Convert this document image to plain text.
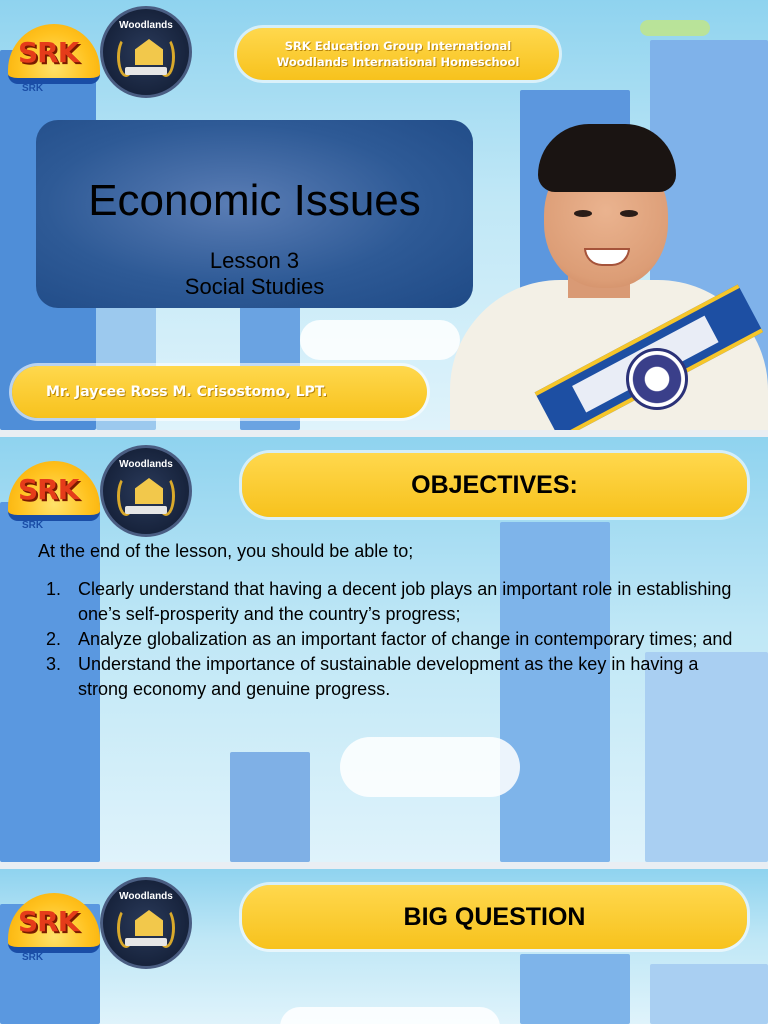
SRK
SRK
Woodlands
SRK Education Group International
Woodlands International Homeschool
Economic Issues
Lesson 3
Social Studies
Mr. Jaycee Ross M. Crisostomo, LPT.
SRK
SRK
Woodlands
OBJECTIVES:
At the end of the lesson, you should be able to;
1. Clearly understand that having a decent job plays an important role in establishing one’s self-prosperity and the country’s progress;
2. Analyze globalization as an important factor of change in contemporary times; and
3. Understand the importance of sustainable development as the key in having a strong economy and genuine progress.
SRK
SRK
Woodlands
BIG QUESTION
